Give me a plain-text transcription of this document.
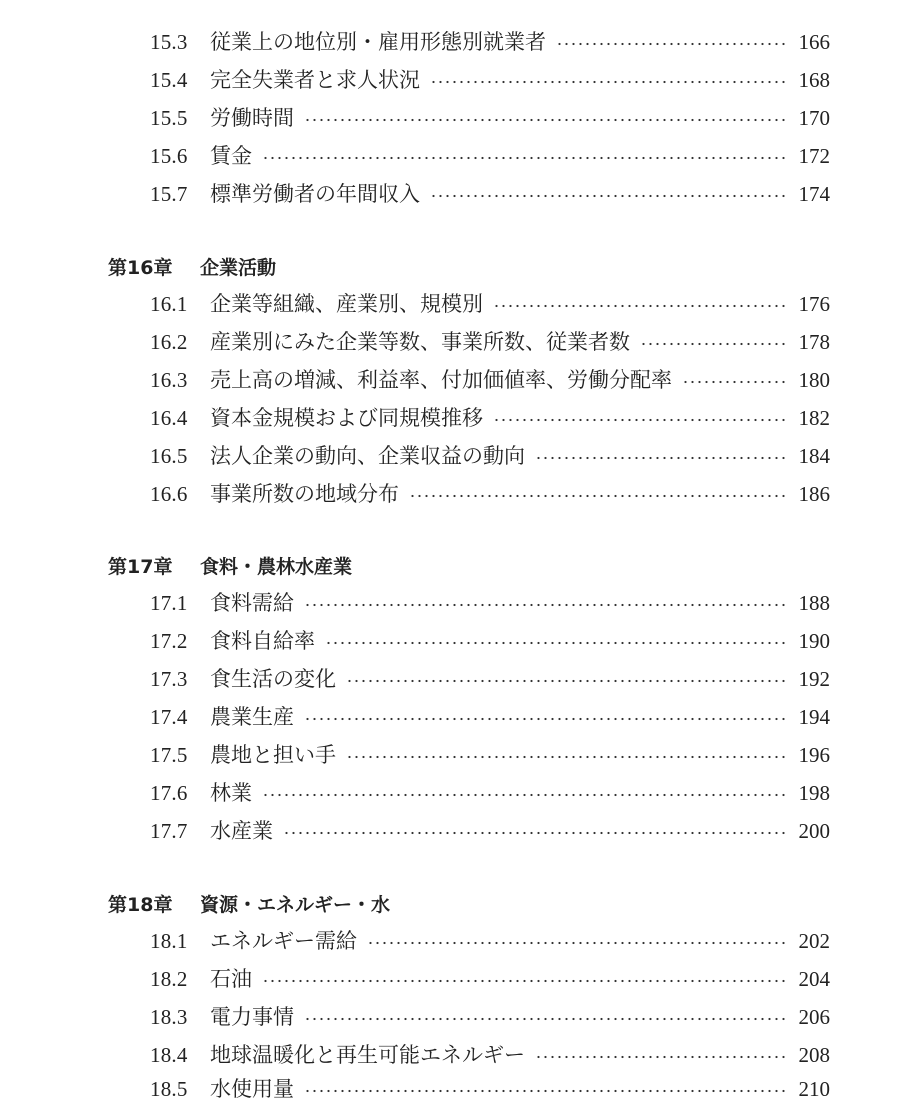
15.3	従業上の地位別・雇用形態別就業者	166
15.4	完全失業者と求人状況	168
15.5	労働時間	170
15.6	賃金	172
15.7	標準労働者の年間収入	174
第16章 企業活動
16.1	企業等組織、産業別、規模別	176
16.2	産業別にみた企業等数、事業所数、従業者数	178
16.3	売上高の増減、利益率、付加価値率、労働分配率	180
16.4	資本金規模および同規模推移	182
16.5	法人企業の動向、企業収益の動向	184
16.6	事業所数の地域分布	186
第17章 食料・農林水産業
17.1	食料需給	188
17.2	食料自給率	190
17.3	食生活の変化	192
17.4	農業生産	194
17.5	農地と担い手	196
17.6	林業	198
17.7	水産業	200
第18章 資源・エネルギー・水
18.1	エネルギー需給	202
18.2	石油	204
18.3	電力事情	206
18.4	地球温暖化と再生可能エネルギー	208
18.5	水使用量	210
